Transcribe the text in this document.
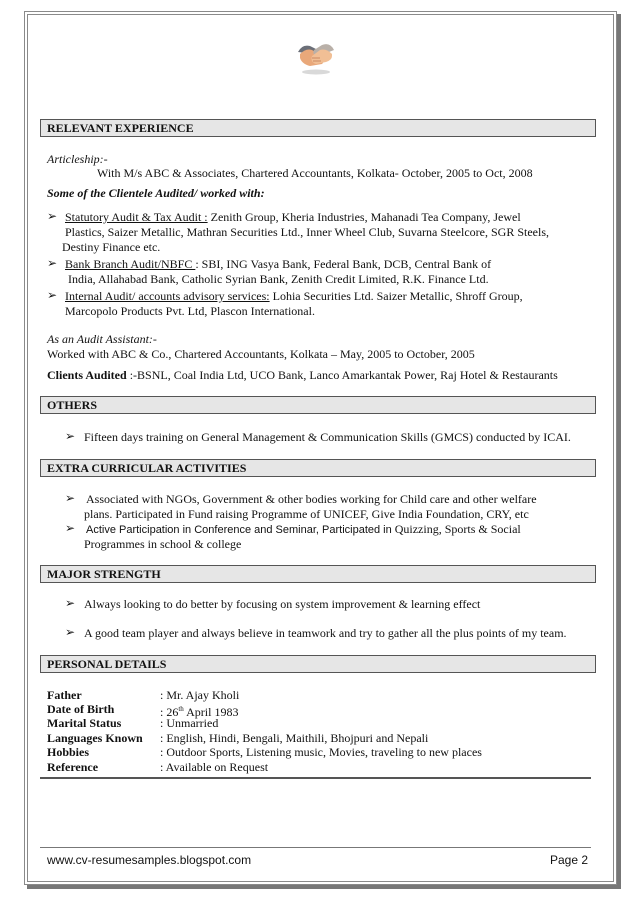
RELEVANT EXPERIENCE
Articleship:-
With M/s ABC & Associates, Chartered Accountants, Kolkata- October, 2005 to Oct, 2008
Some of the Clientele Audited/ worked with:
➢ Statutory Audit & Tax Audit : Zenith Group, Kheria Industries, Mahanadi Tea Company, Jewel
Plastics, Saizer Metallic, Mathran Securities Ltd., Inner Wheel Club, Suvarna Steelcore, SGR Steels,
Destiny Finance etc.
➢ Bank Branch Audit/NBFC : SBI, ING Vasya Bank, Federal Bank, DCB, Central Bank of
India, Allahabad Bank, Catholic Syrian Bank, Zenith Credit Limited, R.K. Finance Ltd.
➢ Internal Audit/ accounts advisory services: Lohia Securities Ltd. Saizer Metallic, Shroff Group,
Marcopolo Products Pvt. Ltd, Plascon International.
As an Audit Assistant:-
Worked with ABC & Co., Chartered Accountants, Kolkata – May, 2005 to October, 2005
Clients Audited :-BSNL, Coal India Ltd, UCO Bank, Lanco Amarkantak Power, Raj Hotel & Restaurants
OTHERS
➢ Fifteen days training on General Management & Communication Skills (GMCS) conducted by ICAI.
EXTRA CURRICULAR ACTIVITIES
➢ Associated with NGOs, Government & other bodies working for Child care and other welfare
plans. Participated in Fund raising Programme of UNICEF, Give India Foundation, CRY, etc
➢ Active Participation in Conference and Seminar, Participated in Quizzing, Sports & Social
Programmes in school & college
MAJOR STRENGTH
➢ Always looking to do better by focusing on system improvement & learning effect
➢ A good team player and always believe in teamwork and try to gather all the plus points of my team.
PERSONAL DETAILS
Father	: Mr. Ajay Kholi
Date of Birth	: 26th April 1983
Marital Status	: Unmarried
Languages Known : English, Hindi, Bengali, Maithili, Bhojpuri and Nepali
Hobbies	: Outdoor Sports, Listening music, Movies, traveling to new places
Reference	: Available on Request
www.cv-resumesamples.blogspot.com	Page 2
